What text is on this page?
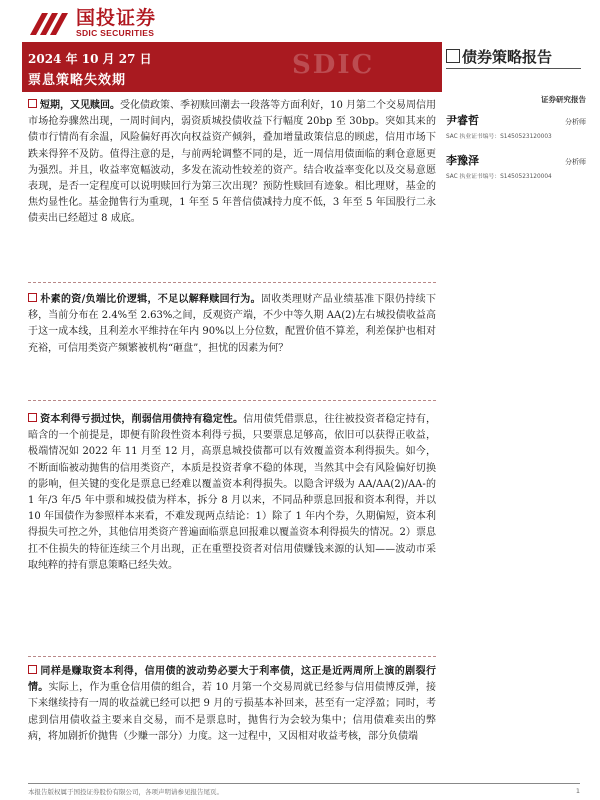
国投证券
SDIC SECURITIES
2024 年 10 月 27 日
票息策略失效期
SDIC	债券策略报告
证券研究报告
尹睿哲	分析师
SAC 执业证书编号：S1450523120003
李豫泽	分析师
SAC 执业证书编号：S1450523120004

短期，又见赎回。受化债政策、季初赎回潮去一段落等方面利好，10 月第二个交易周信用市场抢券骤然出现，一周时间内，弱资质城投债收益下行幅度 20bp 至 30bp。突如其来的债市行情尚有余温，风险偏好再次向权益资产倾斜，叠加增量政策信息的顾虑，信用市场下跌来得猝不及防。值得注意的是，与前两轮调整不同的是，近一周信用债面临的剩仓意愿更为强烈。并且，收益率宽幅波动，多发在流动性较差的资产。结合收益率变化以及交易意愿表现，是否一定程度可以说明赎回行为第三次出现？预防性赎回有迹象。相比理财，基金的焦灼显性化。基金抛售行为重现，1 年至 5 年普信债减持力度不低，3 年至 5 年国股行二永债卖出已经超过 8 成底。

朴素的资/负端比价逻辑，不足以解释赎回行为。固收类理财产品业绩基准下限仍持续下移，当前分布在 2.4%至 2.63%之间，反观资产端，不少中等久期 AA(2)左右城投债收益高于这一成本线，且利差水平维持在年内 90%以上分位数，配置价值不算差，利差保护也相对充裕，可信用类资产频繁被机构“砸盘”，担忧的因素为何？

资本利得亏损过快，削弱信用债持有稳定性。信用债凭借票息，往往被投资者稳定持有，暗含的一个前提是，即便有阶段性资本利得亏损，只要票息足够高，依旧可以获得正收益，极端情况如 2022 年 11 月至 12 月，高票息城投债都可以有效覆盖资本利得损失。如今，不断面临被动抛售的信用类资产，本质是投资者拿不稳的体现，当然其中会有风险偏好切换的影响，但关键的变化是票息已经难以覆盖资本利得损失。以隐含评级为 AA/AA(2)/AA-的 1 年/3 年/5 年中票和城投债为样本，拆分 8 月以来，不同品种票息回报和资本利得，并以 10 年国债作为参照样本来看，不难发现两点结论：1）除了 1 年内个券，久期偏短，资本利得损失可控之外，其他信用类资产普遍面临票息回报难以覆盖资本利得损失的情况。2）票息扛不住损失的特征连续三个月出现，正在重塑投资者对信用债赚钱来源的认知——波动市采取纯粹的持有票息策略已经失效。

同样是赚取资本利得，信用债的波动势必要大于利率债，这正是近两周所上演的剧裂行情。实际上，作为重仓信用债的组合，若 10 月第一个交易周就已经参与信用债博反弹，接下来继续持有一周的收益就已经可以把 9 月的亏损基本补回来，甚至有一定浮盈；同时，考虑到信用债收益主要来自交易，而不是票息时，抛售行为会较为集中；信用债难卖出的弊病，将加剧折价抛售（少赚一部分）力度。这一过程中，又因相对收益考核，部分负债端

本报告版权属于国投证券股份有限公司，各项声明请参见报告尾页。	1
